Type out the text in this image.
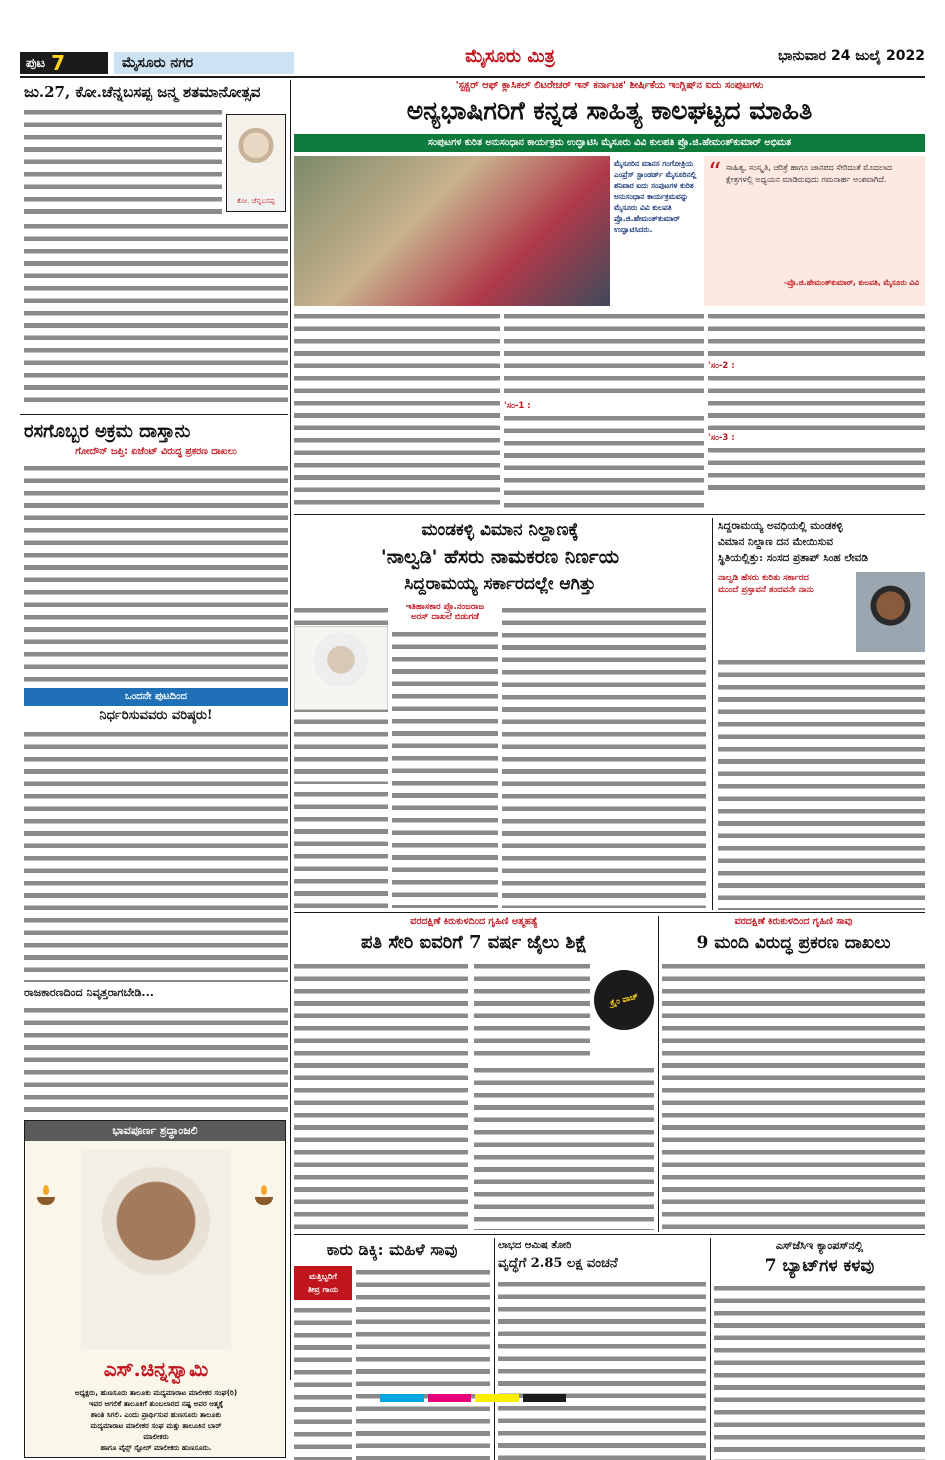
ಪುಟ 7	ಮೈಸೂರು ನಗರ	ಮೈಸೂರು ಮಿತ್ರ	ಭಾನುವಾರ 24 ಜುಲೈ 2022
ಜು.27, ಕೋ.ಚೆನ್ನಬಸಪ್ಪ ಜನ್ಮ ಶತಮಾನೋತ್ಸವ
ಕೋ. ಚೆನ್ನಬಸಪ್ಪ
ರಸಗೊಬ್ಬರ ಅಕ್ರಮ ದಾಸ್ತಾನು
ಗೋದೌನ್ ಜಪ್ತಿ: ಏಜೆಂಟ್ ವಿರುದ್ಧ ಪ್ರಕರಣ ದಾಖಲು
ಒಂದನೇ ಪುಟದಿಂದ
ನಿರ್ಧರಿಸುವವರು ವರಿಷ್ಠರು!
ರಾಜಕಾರಣದಿಂದ ನಿವೃತ್ತರಾಗಬೇಡಿ...
ಭಾವಪೂರ್ಣ ಶ್ರದ್ಧಾಂಜಲಿ
ಎಸ್.ಚಿನ್ನಸ್ವಾಮಿ
ಅಧ್ಯಕ್ಷರು, ಹುಣಸೂರು ತಾಲೂಕು ಮದ್ಯಮಾರಾಟ ಮಾಲೀಕರ ಸಂಘ(ರಿ)
ಇವರ ಆಗಲಿಕೆ ತಾಲೂಕಿಗೆ ತುಂಬಲಾರದ ನಷ್ಟ ಅವರ ಆತ್ಮಕ್ಕೆ
ಶಾಂತಿ ಸಿಗಲಿ. ಎಂದು ಪ್ರಾರ್ಥಿಸುವ ಹುಣಸೂರು ತಾಲೂಕು
ಮದ್ಯಮಾರಾಟ ಮಾಲೀಕರ ಸಂಘ ಮತ್ತು ತಾಲೂಕಿನ ಬಾರ್
ಮಾಲೀಕರು
ಹಾಗೂ ವೈನ್ಸ್ ಸ್ಟೋರ್ ಮಾಲೀಕರು ಹುಣಸೂರು.
'ಸ್ಟಕ್ಚರ್ ಆಫ್ ಕ್ಲಾಸಿಕಲ್ ಲಿಟರೇಚರ್ ಇನ್ ಕರ್ನಾಟಕ' ಶೀರ್ಷಿಕೆಯ ಇಂಗ್ಲಿಷ್‌ನ ಐದು ಸಂಪುಟಗಳು
ಅನ್ಯಭಾಷಿಗರಿಗೆ ಕನ್ನಡ ಸಾಹಿತ್ಯ ಕಾಲಘಟ್ಟದ ಮಾಹಿತಿ
ಸಂಪುಟಗಳ ಕುರಿತ ಅನುಸಂಧಾನ ಕಾರ್ಯಕ್ರಮ ಉದ್ಘಾಟಿಸಿ ಮೈಸೂರು ವಿವಿ ಕುಲಪತಿ ಪ್ರೊ.ಜಿ.ಹೇಮಂತ್‌ಕುಮಾರ್ ಅಭಿಮತ
ಮೈಸೂರಿನ ಮಾನಸ ಗಂಗೋತ್ರಿಯ ಎಂಪ್ರೆಸ್ ಸ್ಟಾಂಡರ್ಡ್ ಮೈಸೂರಿನಲ್ಲಿ ಶನಿವಾರ ಐದು ಸಂಪುಟಗಳ ಕುರಿತ ಅನುಸಂಧಾನ ಕಾರ್ಯಕ್ರಮವನ್ನು ಮೈಸೂರು ವಿವಿ ಕುಲಪತಿ ಪ್ರೊ.ಜಿ.ಹೇಮಂತ್‌ಕುಮಾರ್ ಉದ್ಘಾಟಿಸಿದರು.
“ ಸಾಹಿತ್ಯ, ಸಂಸ್ಕೃತಿ, ಚರಿತ್ರೆ ಹಾಗೂ ಜಾನಪದ ಸೇರಿದಂತೆ ಮೊದಲಾದ ಕ್ಷೇತ್ರಗಳಲ್ಲಿ ಅಧ್ಯಯನ ಮಾಡಿರುವುದು ಗಮನಾರ್ಹ ಅಂಶವಾಗಿದೆ.
-ಪ್ರೊ.ಜಿ.ಹೇಮಂತ್‌ಕುಮಾರ್, ಕುಲಪತಿ, ಮೈಸೂರು ವಿವಿ
'ಸಂ-1 :
'ಸಂ-2 :
'ಸಂ-3 :
ಮಂಡಕಳ್ಳಿ ವಿಮಾನ ನಿಲ್ದಾಣಕ್ಕೆ
'ನಾಲ್ವಡಿ' ಹೆಸರು ನಾಮಕರಣ ನಿರ್ಣಯ
ಸಿದ್ದರಾಮಯ್ಯ ಸರ್ಕಾರದಲ್ಲೇ ಆಗಿತ್ತು
ಇತಿಹಾಸಕಾರ ಪ್ರೊ.ನಂಜರಾಜ
ಅರಸ್ ದಾಖಲೆ ಬಿಡುಗಡೆ
ಸಿದ್ದರಾಮಯ್ಯ ಅವಧಿಯಲ್ಲಿ ಮಂಡಕಳ್ಳಿ
ವಿಮಾನ ನಿಲ್ದಾಣ ದನ ಮೇಯಿಸುವ
ಸ್ಥಿತಿಯಲ್ಲಿತ್ತು: ಸಂಸದ ಪ್ರತಾಪ್ ಸಿಂಹ ಲೇವಡಿ
ನಾಲ್ವಡಿ ಹೆಸರು ಕುರಿತು ಸರ್ಕಾರದ
ಮುಂದೆ ಪ್ರಸ್ತಾವನೆ ತಂದವನೇ ನಾನು
ವರದಕ್ಷಿಣೆ ಕಿರುಕುಳದಿಂದ ಗೃಹಿಣಿ ಆತ್ಮಹತ್ಯೆ
ಪತಿ ಸೇರಿ ಐವರಿಗೆ 7 ವರ್ಷ ಜೈಲು ಶಿಕ್ಷೆ
ಕ್ರೈಂ ವಾಚ್
ವರದಕ್ಷಿಣೆ ಕಿರುಕುಳದಿಂದ ಗೃಹಿಣಿ ಸಾವು
9 ಮಂದಿ ವಿರುದ್ಧ ಪ್ರಕರಣ ದಾಖಲು
ಕಾರು ಡಿಕ್ಕಿ: ಮಹಿಳೆ ಸಾವು
ಮತ್ತಿಬ್ಬರಿಗೆ
ತೀವ್ರ ಗಾಯ
ಲಾಭದ ಆಮಿಷ ತೋರಿ
ವೃದ್ಧೆಗೆ 2.85 ಲಕ್ಷ ವಂಚನೆ
ಎಸ್‌ಜೆಸಿಇ ಕ್ಯಾಂಪಸ್‌ನಲ್ಲಿ
7 ಬ್ಯಾಟ್‌ಗಳ ಕಳವು
